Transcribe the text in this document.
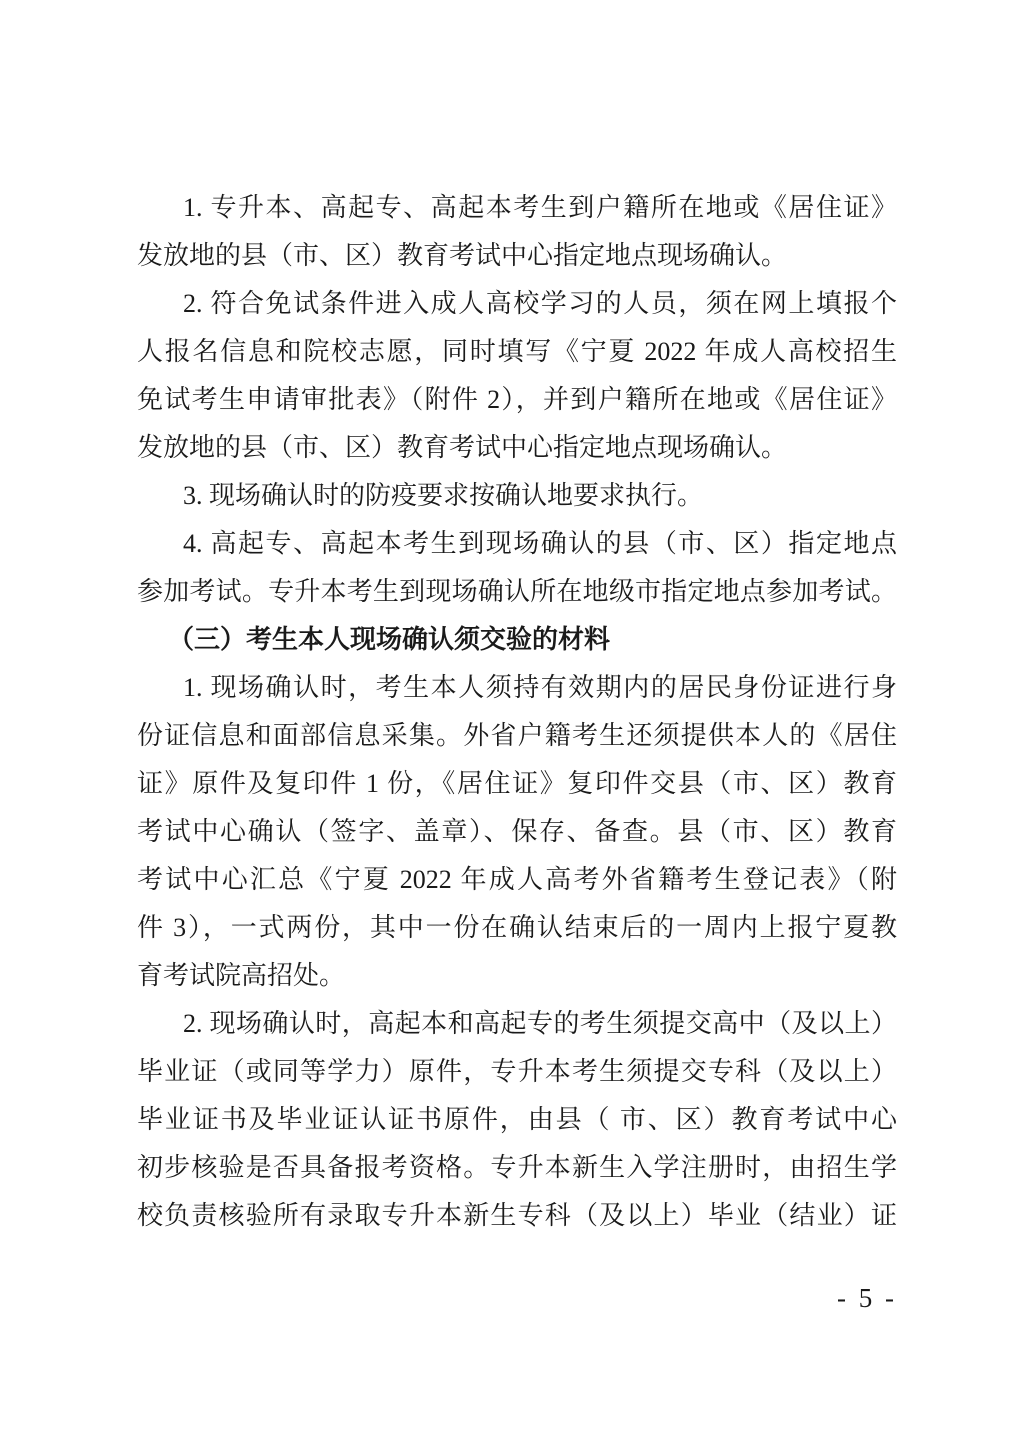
1. 专升本、高起专、高起本考生到户籍所在地或《居住证》
发放地的县（市、区）教育考试中心指定地点现场确认。
2. 符合免试条件进入成人高校学习的人员，须在网上填报个
人报名信息和院校志愿，同时填写《宁夏 2022 年成人高校招生
免试考生申请审批表》（附件 2），并到户籍所在地或《居住证》
发放地的县（市、区）教育考试中心指定地点现场确认。
3. 现场确认时的防疫要求按确认地要求执行。
4. 高起专、高起本考生到现场确认的县（市、区）指定地点
参加考试。专升本考生到现场确认所在地级市指定地点参加考试。
（三）考生本人现场确认须交验的材料
1. 现场确认时，考生本人须持有效期内的居民身份证进行身
份证信息和面部信息采集。外省户籍考生还须提供本人的《居住
证》原件及复印件 1 份，《居住证》复印件交县（市、区）教育
考试中心确认（签字、盖章）、保存、备查。县（市、区）教育
考试中心汇总《宁夏 2022 年成人高考外省籍考生登记表》（附
件 3），一式两份，其中一份在确认结束后的一周内上报宁夏教
育考试院高招处。
2. 现场确认时，高起本和高起专的考生须提交高中（及以上）
毕业证（或同等学力）原件，专升本考生须提交专科（及以上）
毕业证书及毕业证认证书原件，由县（ 市、区）教育考试中心
初步核验是否具备报考资格。专升本新生入学注册时，由招生学
校负责核验所有录取专升本新生专科（及以上）毕业（结业）证
- 5 -
